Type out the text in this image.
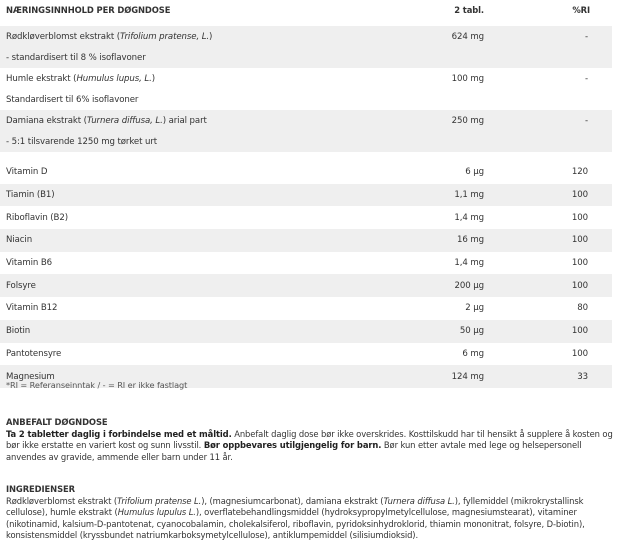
NÆRINGSINNHOLD PER DØGNDOSE	2 tabl.	%RI
Rødkløverblomst ekstrakt (Trifolium pratense, L.)	624 mg	-
- standardisert til 8 % isoflavoner		
Humle ekstrakt (Humulus lupus, L.)	100 mg	-
Standardisert til 6% isoflavoner		
Damiana ekstrakt (Turnera diffusa, L.) arial part	250 mg	-
- 5:1 tilsvarende 1250 mg tørket urt		

Vitamin D	6 μg	120
Tiamin (B1)	1,1 mg	100
Riboflavin (B2)	1,4 mg	100
Niacin	16 mg	100
Vitamin B6	1,4 mg	100
Folsyre	200 μg	100
Vitamin B12	2 μg	80
Biotin	50 μg	100
Pantotensyre	6 mg	100
Magnesium	124 mg	33
*RI = Referanseinntak / - = RI er ikke fastlagt
ANBEFALT DØGNDOSE
Ta 2 tabletter daglig i forbindelse med et måltid. Anbefalt daglig dose bør ikke overskrides. Kosttilskudd har til hensikt å supplere å kosten og bør ikke erstatte en variert kost og sunn livsstil. Bør oppbevares utilgjengelig for barn. Bør kun etter avtale med lege og helsepersonell anvendes av gravide, ammende eller barn under 11 år.
INGREDIENSER
Rødkløverblomst ekstrakt (Trifolium pratense L.), (magnesiumcarbonat), damiana ekstrakt (Turnera diffusa L.), fyllemiddel (mikrokrystallinsk cellulose), humle ekstrakt (Humulus lupulus L.), overflatebehandlingsmiddel (hydroksypropylmetylcellulose, magnesiumstearat), vitaminer (nikotinamid, kalsium-D-pantotenat, cyanocobalamin, cholekalsiferol, riboflavin, pyridoksinhydroklorid, thiamin mononitrat, folsyre, D-biotin), konsistensmiddel (kryssbundet natriumkarboksymetylcellulose), antiklumpemiddel (silisiumdioksid).
